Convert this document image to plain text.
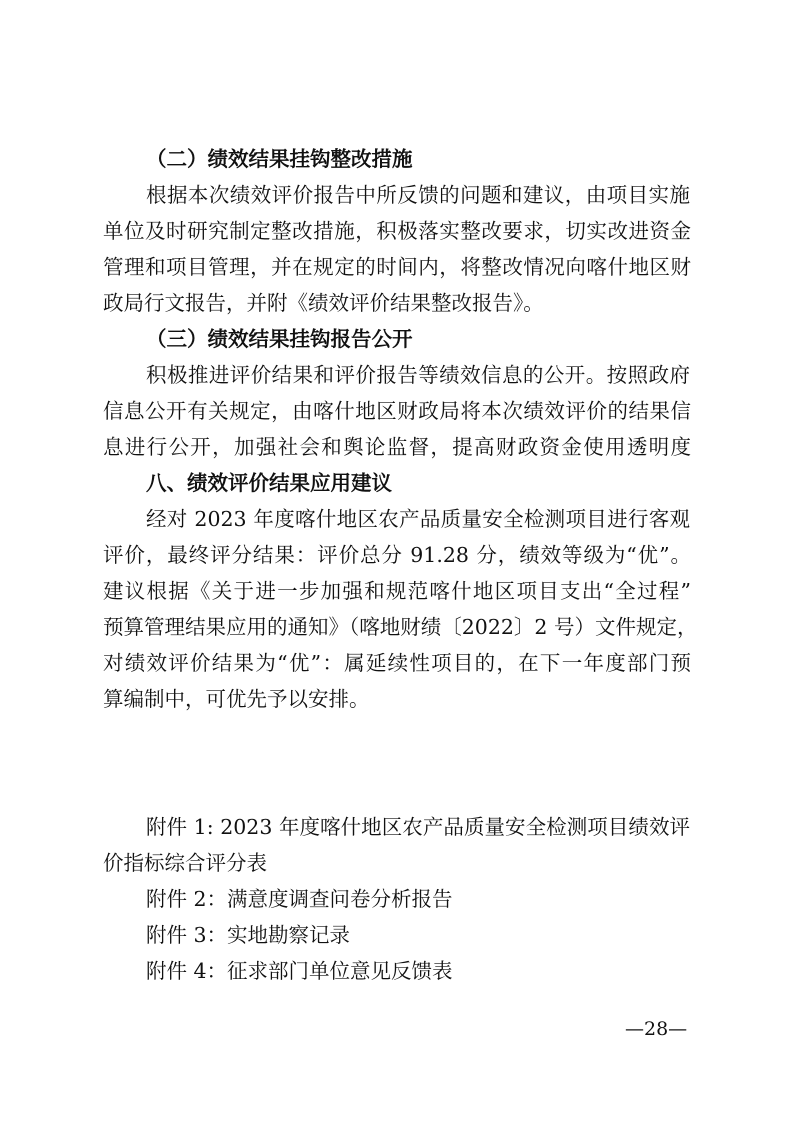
（二）绩效结果挂钩整改措施
根据本次绩效评价报告中所反馈的问题和建议，由项目实施
单位及时研究制定整改措施，积极落实整改要求，切实改进资金
管理和项目管理，并在规定的时间内，将整改情况向喀什地区财
政局行文报告，并附《绩效评价结果整改报告》。
（三）绩效结果挂钩报告公开
积极推进评价结果和评价报告等绩效信息的公开。按照政府
信息公开有关规定，由喀什地区财政局将本次绩效评价的结果信
息进行公开，加强社会和舆论监督，提高财政资金使用透明度
八、绩效评价结果应用建议
经对 2023 年度喀什地区农产品质量安全检测项目进行客观
评价，最终评分结果：评价总分 91.28 分，绩效等级为“优”。
建议根据《关于进一步加强和规范喀什地区项目支出“全过程”
预算管理结果应用的通知》（喀地财绩〔2022〕2 号）文件规定，
对绩效评价结果为“优”：属延续性项目的，在下一年度部门预
算编制中，可优先予以安排。
附件 1: 2023 年度喀什地区农产品质量安全检测项目绩效评
价指标综合评分表
附件 2：满意度调查问卷分析报告
附件 3：实地勘察记录
附件 4：征求部门单位意见反馈表
—28—
